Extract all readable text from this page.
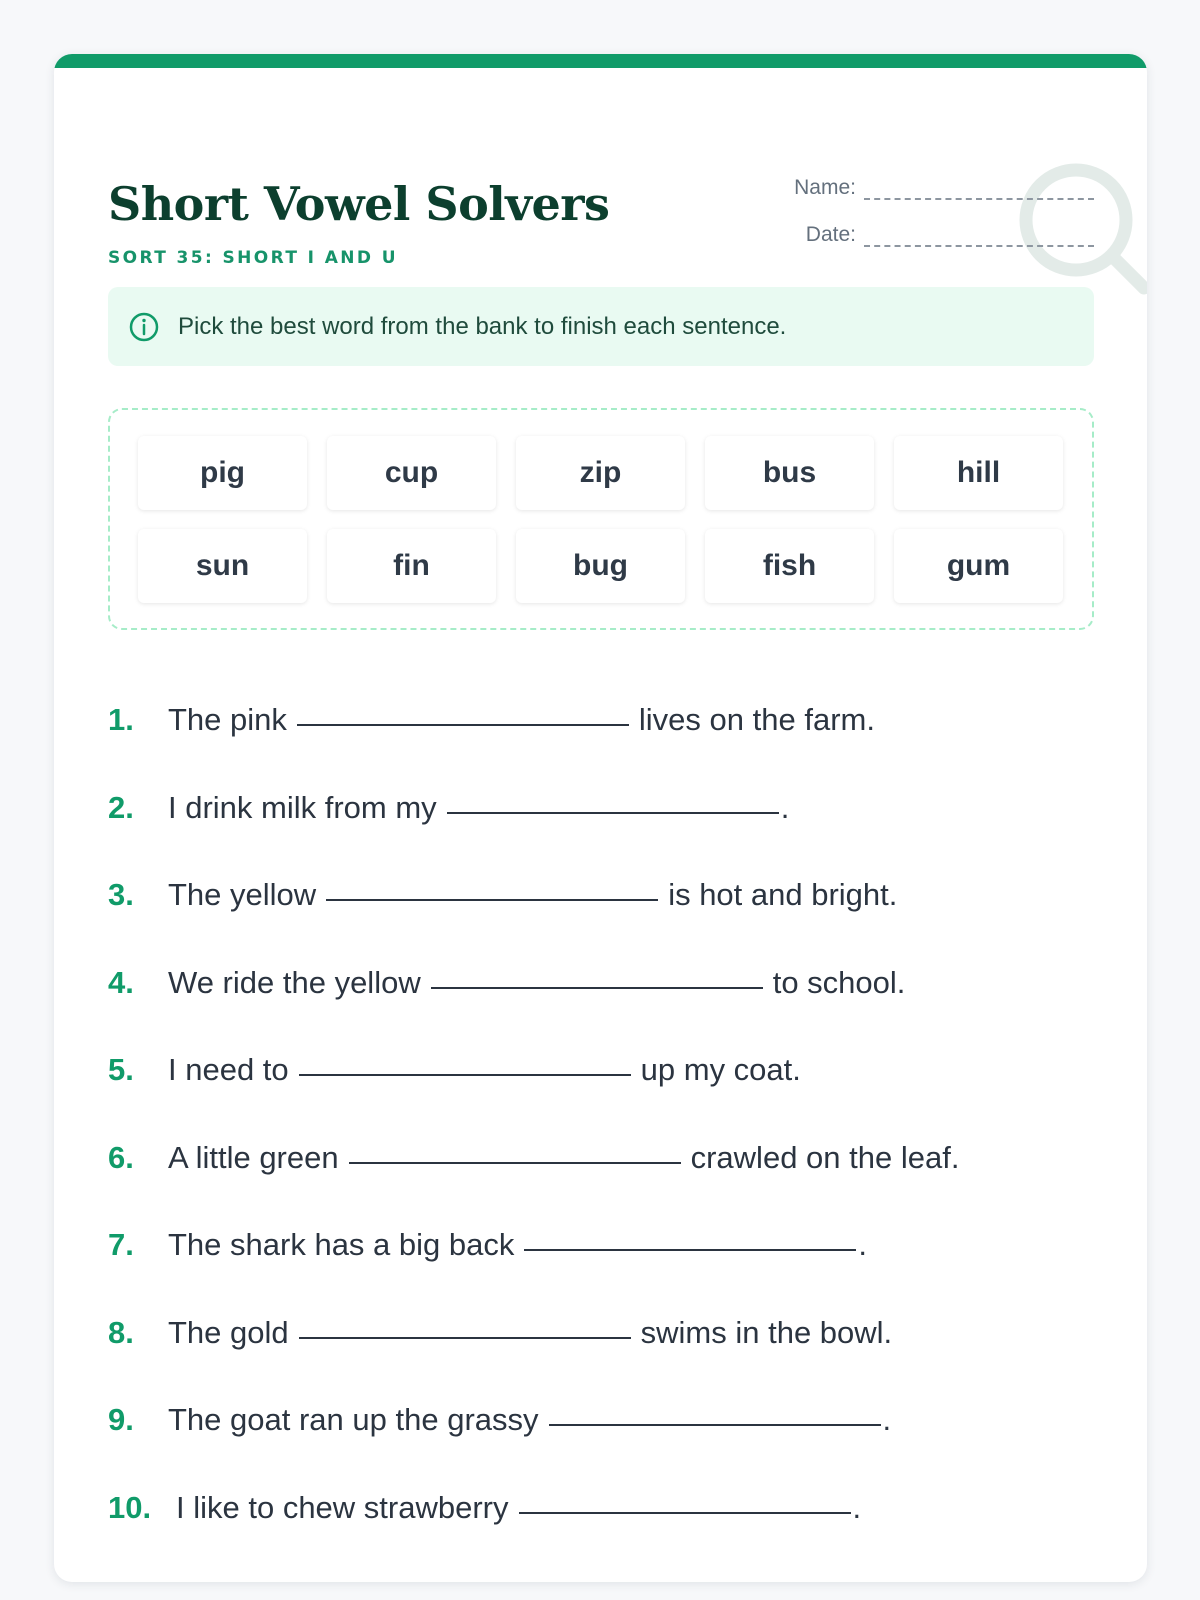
Short Vowel Solvers
SORT 35: SHORT I AND U
Name:
Date:
Pick the best word from the bank to finish each sentence.
pig	cup	zip	bus	hill
sun	fin	bug	fish	gum
1.	The pink	lives on the farm.
2.	I drink milk from my	.
3.	The yellow	is hot and bright.
4.	We ride the yellow	to school.
5.	I need to	up my coat.
6.	A little green	crawled on the leaf.
7.	The shark has a big back	.
8.	The gold	swims in the bowl.
9.	The goat ran up the grassy	.
10. I like to chew strawberry	.
